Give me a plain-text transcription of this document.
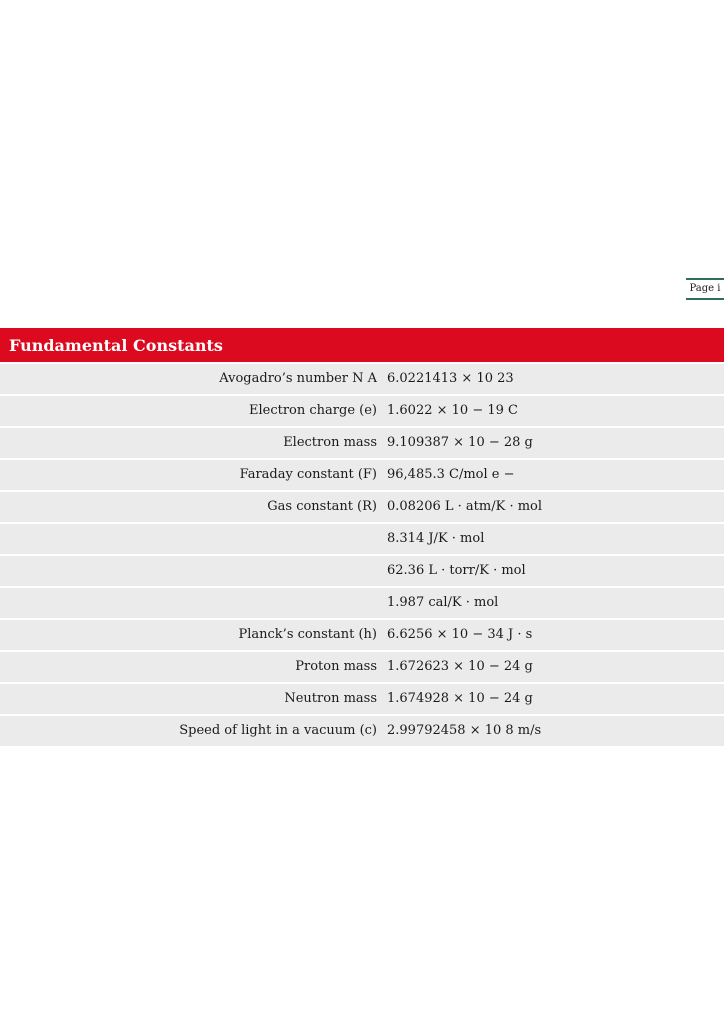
Page i
Fundamental Constants
Avogadro’s number N A 6.0221413 × 10 23
Electron charge (e) 1.6022 × 10 − 19 C
Electron mass 9.109387 × 10 − 28 g
Faraday constant (F) 96,485.3 C/mol e −
Gas constant (R) 0.08206 L · atm/K · mol
8.314 J/K · mol
62.36 L · torr/K · mol
1.987 cal/K · mol
Planck’s constant (h) 6.6256 × 10 − 34 J · s
Proton mass 1.672623 × 10 − 24 g
Neutron mass 1.674928 × 10 − 24 g
Speed of light in a vacuum (c) 2.99792458 × 10 8 m/s
